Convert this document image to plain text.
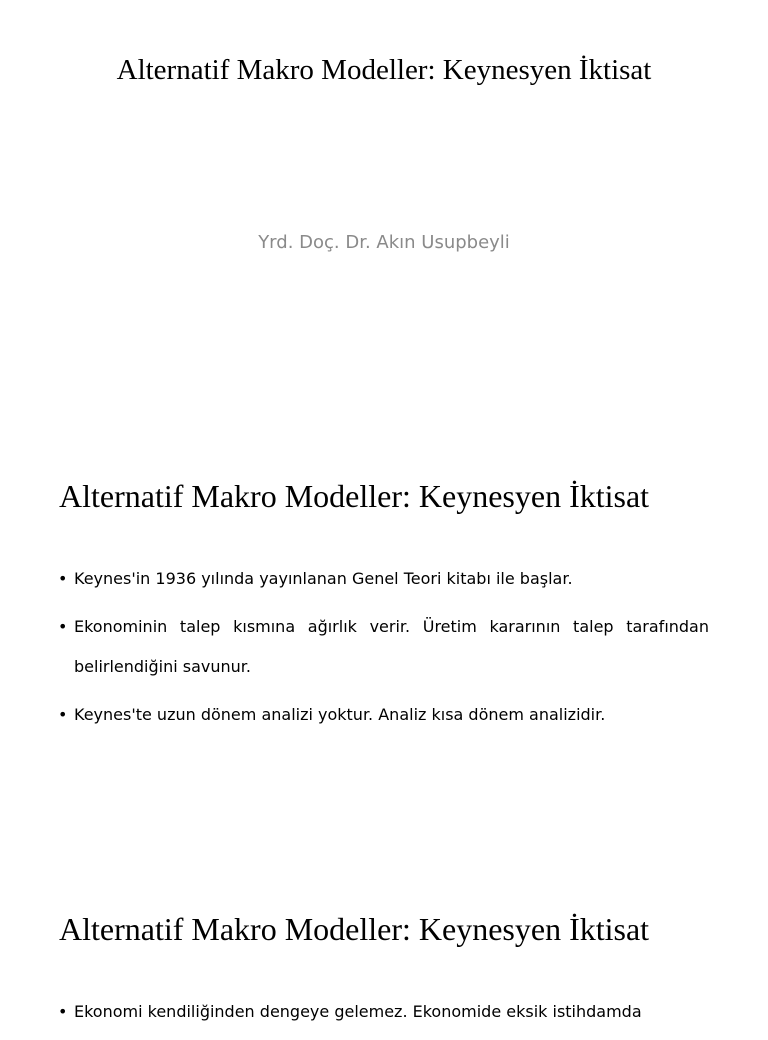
Alternatif Makro Modeller: Keynesyen İktisat
Yrd. Doç. Dr. Akın Usupbeyli
Alternatif Makro Modeller: Keynesyen İktisat
• Keynes'in 1936 yılında yayınlanan Genel Teori kitabı ile başlar.
• Ekonominin talep kısmına ağırlık verir. Üretim kararının talep tarafından belirlendiğini savunur.
• Keynes'te uzun dönem analizi yoktur. Analiz kısa dönem analizidir.
Alternatif Makro Modeller: Keynesyen İktisat
• Ekonomi kendiliğinden dengeye gelemez. Ekonomide eksik istihdamda
